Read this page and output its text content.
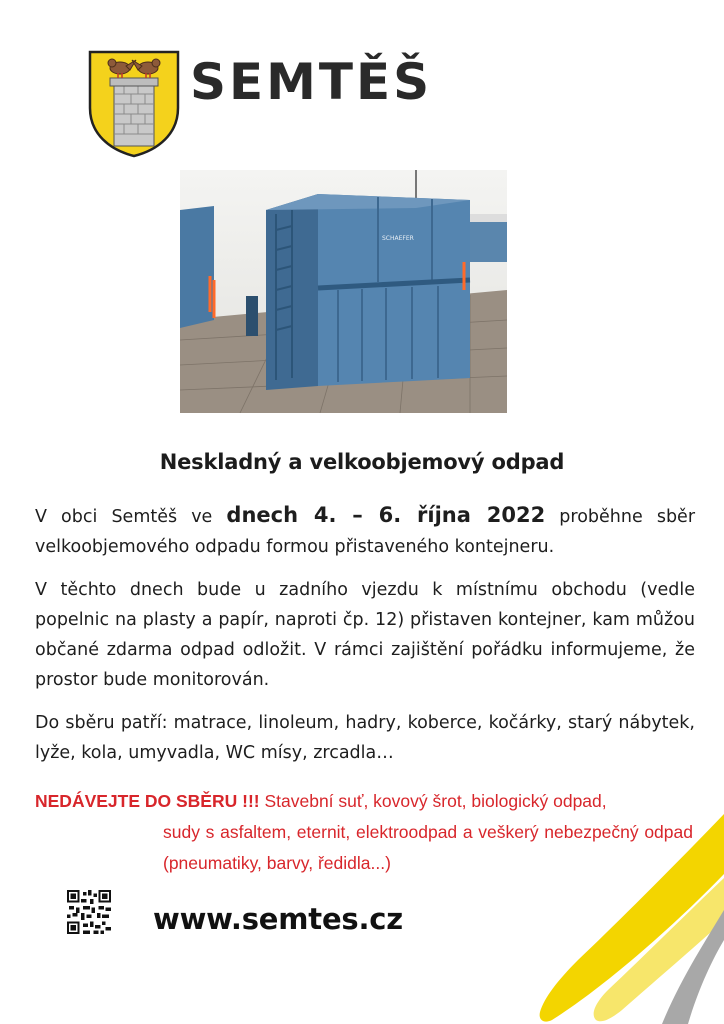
SEMTĚŠ
SCHAEFER
Neskladný a velkoobjemový odpad
V obci Semtěš ve dnech 4. – 6. října 2022 proběhne sběr velkoobjemového odpadu formou přistaveného kontejneru.
V těchto dnech bude u zadního vjezdu k místnímu obchodu (vedle popelnic na plasty a papír, naproti čp. 12) přistaven kontejner, kam můžou občané zdarma odpad odložit. V rámci zajištění pořádku informujeme, že prostor bude monitorován.
Do sběru patří: matrace, linoleum, hadry, koberce, kočárky, starý nábytek, lyže, kola, umyvadla, WC mísy, zrcadla…
NEDÁVEJTE DO SBĚRU !!! Stavební suť, kovový šrot, biologický odpad,
sudy s asfaltem, eternit, elektroodpad a veškerý nebezpečný odpad (pneumatiky, barvy, ředidla...)
www.semtes.cz
